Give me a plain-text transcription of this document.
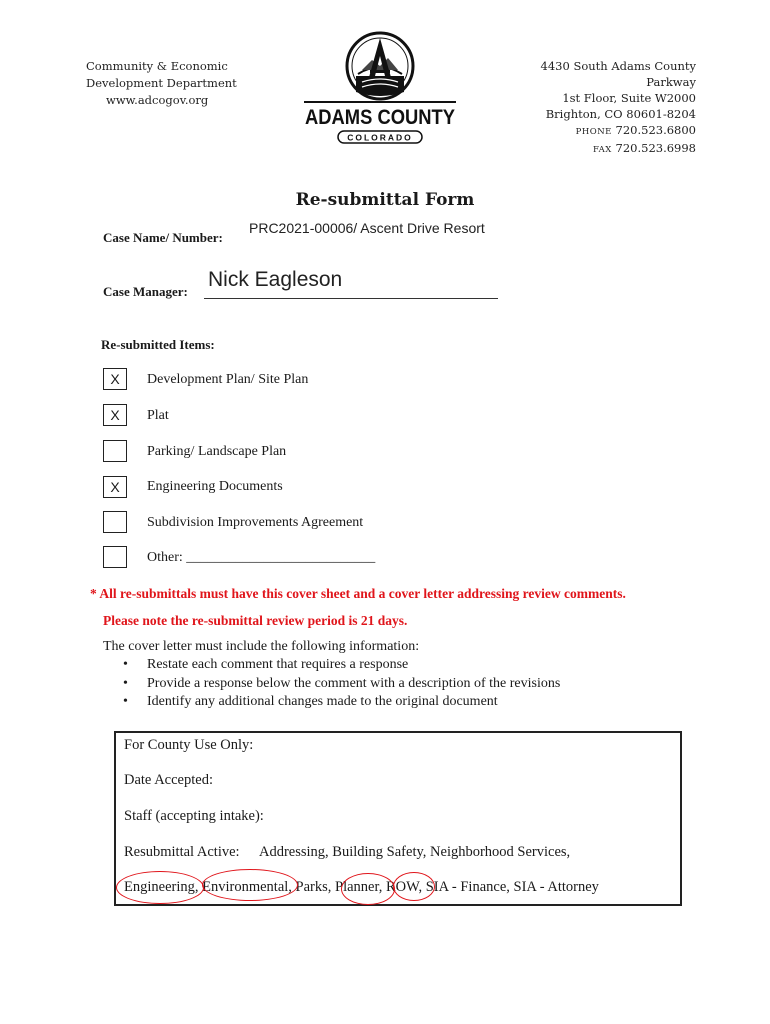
Community & Economic
Development Department
www.adcogov.org
ADAMS COUNTY
COLORADO
4430 South Adams County Parkway
1st Floor, Suite W2000
Brighton, CO 80601-8204
PHONE 720.523.6800
FAX 720.523.6998
Re-submittal Form
Case Name/ Number:
PRC2021-00006/ Ascent Drive Resort
Case Manager:
Nick Eagleson
Re-submitted Items:
X	Development Plan/ Site Plan
X	Plat
Parking/ Landscape Plan
X	Engineering Documents
Subdivision Improvements Agreement
Other: ___________________________
* All re-submittals must have this cover sheet and a cover letter addressing review comments.
Please note the re-submittal review period is 21 days.
The cover letter must include the following information:
• Restate each comment that requires a response
• Provide a response below the comment with a description of the revisions
• Identify any additional changes made to the original document
For County Use Only:
Date Accepted:
Staff (accepting intake):
Resubmittal Active: Addressing, Building Safety, Neighborhood Services,
Engineering, Environmental, Parks, Planner, ROW, SIA - Finance, SIA - Attorney
